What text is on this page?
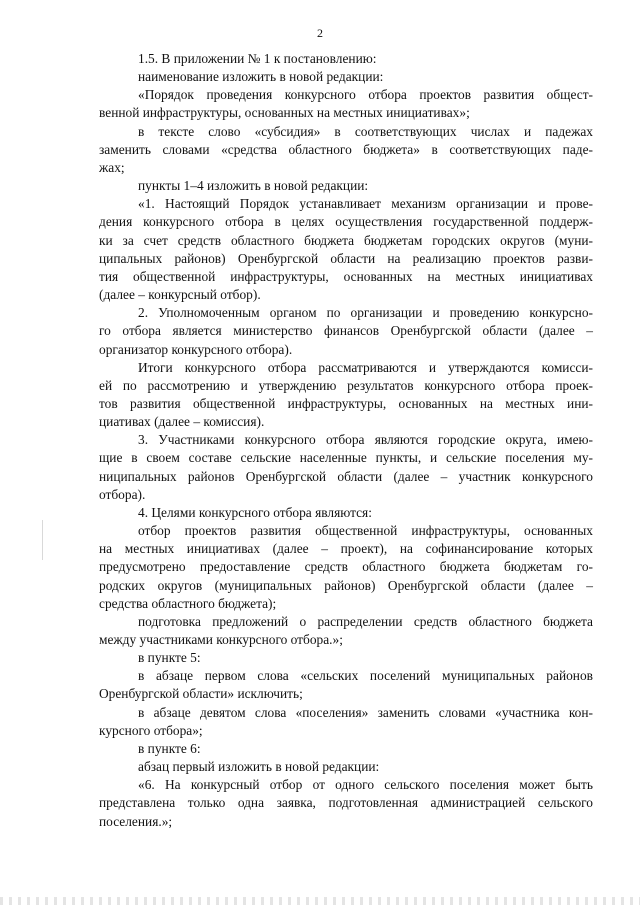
2
1.5. В приложении № 1 к постановлению:
наименование изложить в новой редакции:
«Порядок проведения конкурсного отбора проектов развития общест-
венной инфраструктуры, основанных на местных инициативах»;
в тексте слово «субсидия» в соответствующих числах и падежах
заменить словами «средства областного бюджета» в соответствующих паде-
жах;
пункты 1–4 изложить в новой редакции:
«1. Настоящий Порядок устанавливает механизм организации и прове-
дения конкурсного отбора в целях осуществления государственной поддерж-
ки за счет средств областного бюджета бюджетам городских округов (муни-
ципальных районов) Оренбургской области на реализацию проектов разви-
тия общественной инфраструктуры, основанных на местных инициативах
(далее – конкурсный отбор).
2. Уполномоченным органом по организации и проведению конкурсно-
го отбора является министерство финансов Оренбургской области (далее –
организатор конкурсного отбора).
Итоги конкурсного отбора рассматриваются и утверждаются комисси-
ей по рассмотрению и утверждению результатов конкурсного отбора проек-
тов развития общественной инфраструктуры, основанных на местных ини-
циативах (далее – комиссия).
3. Участниками конкурсного отбора являются городские округа, имею-
щие в своем составе сельские населенные пункты, и сельские поселения му-
ниципальных районов Оренбургской области (далее – участник конкурсного
отбора).
4. Целями конкурсного отбора являются:
отбор проектов развития общественной инфраструктуры, основанных
на местных инициативах (далее – проект), на софинансирование которых
предусмотрено предоставление средств областного бюджета бюджетам го-
родских округов (муниципальных районов) Оренбургской области (далее –
средства областного бюджета);
подготовка предложений о распределении средств областного бюджета
между участниками конкурсного отбора.»;
в пункте 5:
в абзаце первом слова «сельских поселений муниципальных районов
Оренбургской области» исключить;
в абзаце девятом слова «поселения» заменить словами «участника кон-
курсного отбора»;
в пункте 6:
абзац первый изложить в новой редакции:
«6. На конкурсный отбор от одного сельского поселения может быть
представлена только одна заявка, подготовленная администрацией сельского
поселения.»;
